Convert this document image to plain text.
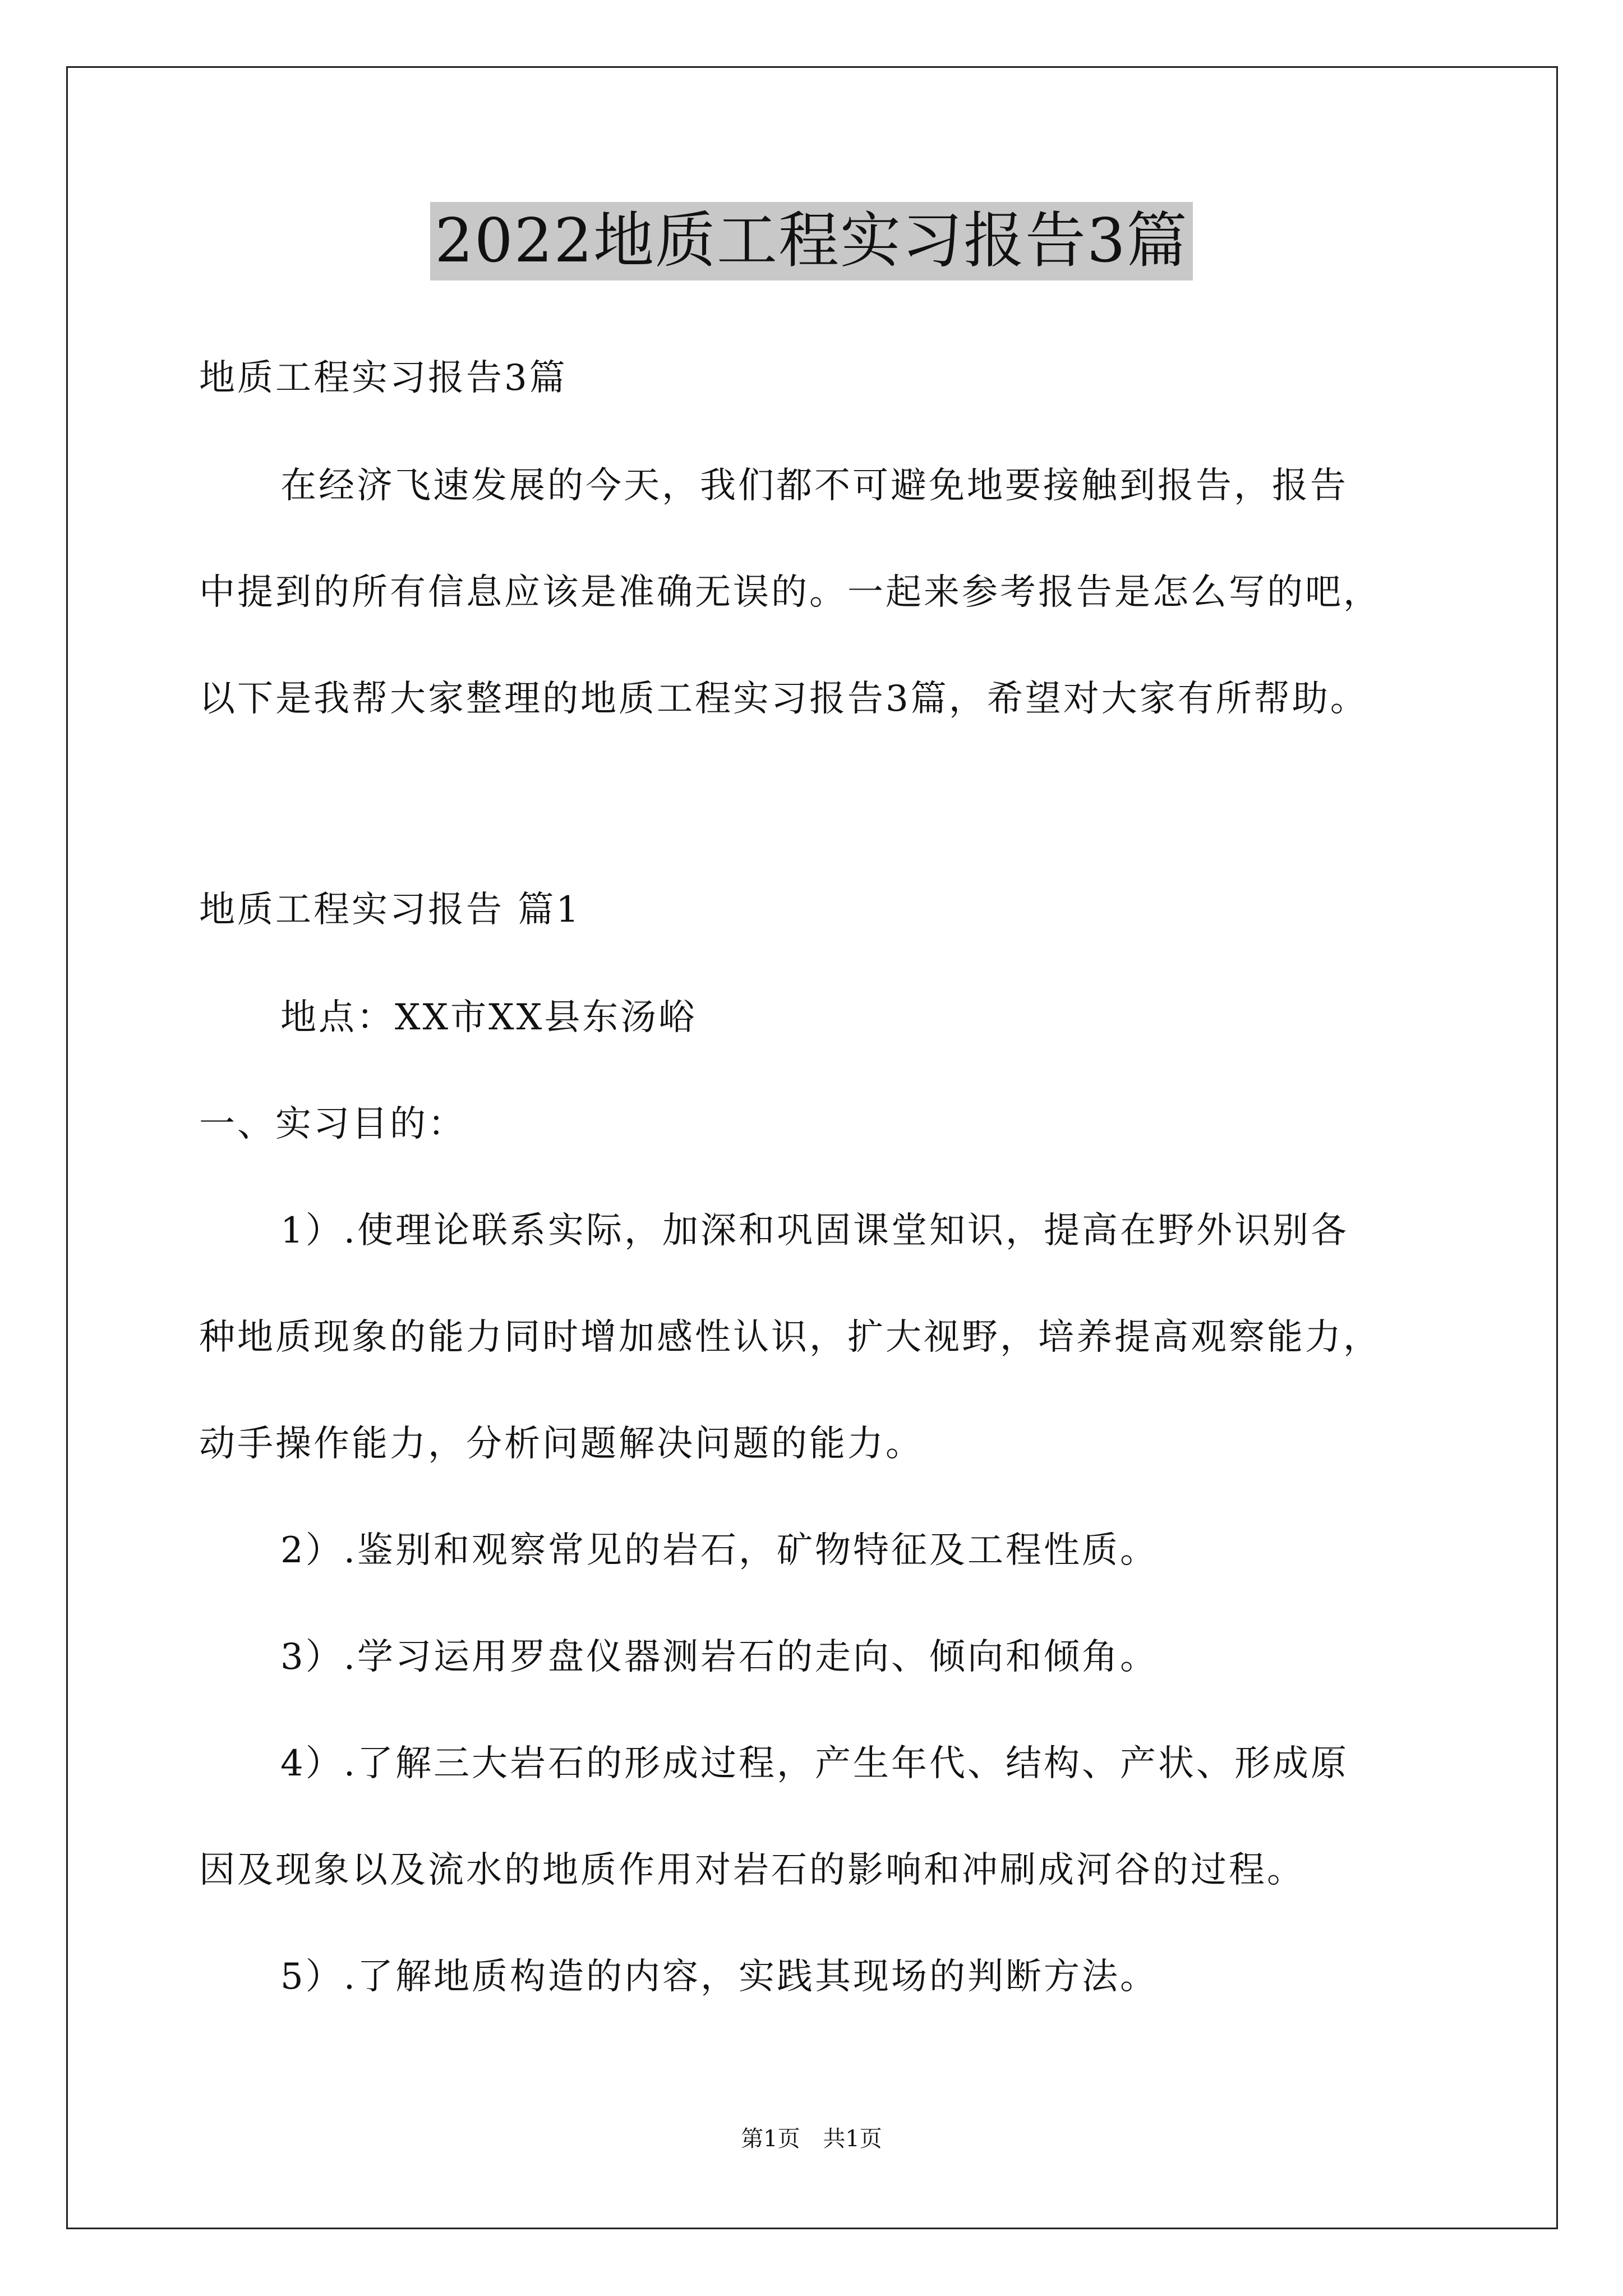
2022地质工程实习报告3篇
地质工程实习报告3篇
在经济飞速发展的今天，我们都不可避免地要接触到报告，报告
中提到的所有信息应该是准确无误的。一起来参考报告是怎么写的吧，
以下是我帮大家整理的地质工程实习报告3篇，希望对大家有所帮助。
地质工程实习报告 篇1
地点：XX市XX县东汤峪
一、实习目的：
1）.使理论联系实际，加深和巩固课堂知识，提高在野外识别各
种地质现象的能力同时增加感性认识，扩大视野，培养提高观察能力，
动手操作能力，分析问题解决问题的能力。
2）.鉴别和观察常见的岩石，矿物特征及工程性质。
3）.学习运用罗盘仪器测岩石的走向、倾向和倾角。
4）.了解三大岩石的形成过程，产生年代、结构、产状、形成原
因及现象以及流水的地质作用对岩石的影响和冲刷成河谷的过程。
5）.了解地质构造的内容，实践其现场的判断方法。
第1页 共1页
